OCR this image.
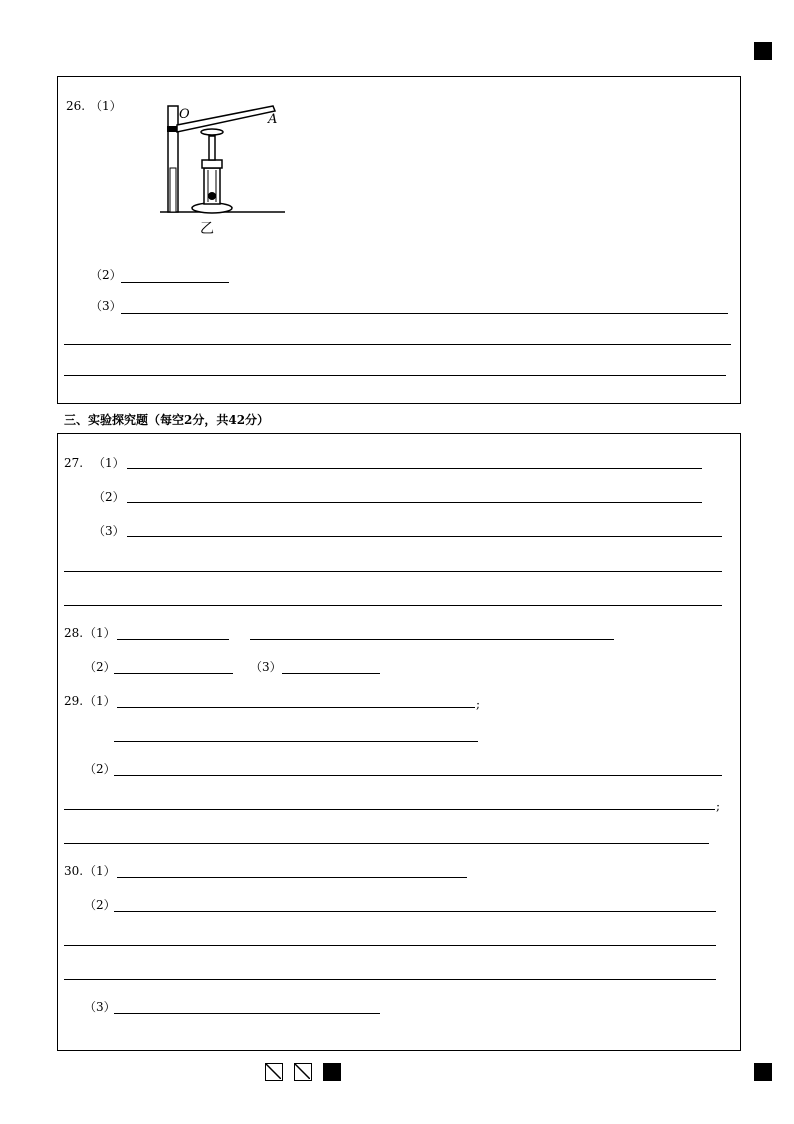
26. （1）
O	A
乙
（2）
（3）
三、实验探究题（每空2分，共42分）
27. （1）
（2）
（3）
28. （1）
（2）	（3）
29. （1）	;
（2）
;
30. （1）
（2）
（3）
